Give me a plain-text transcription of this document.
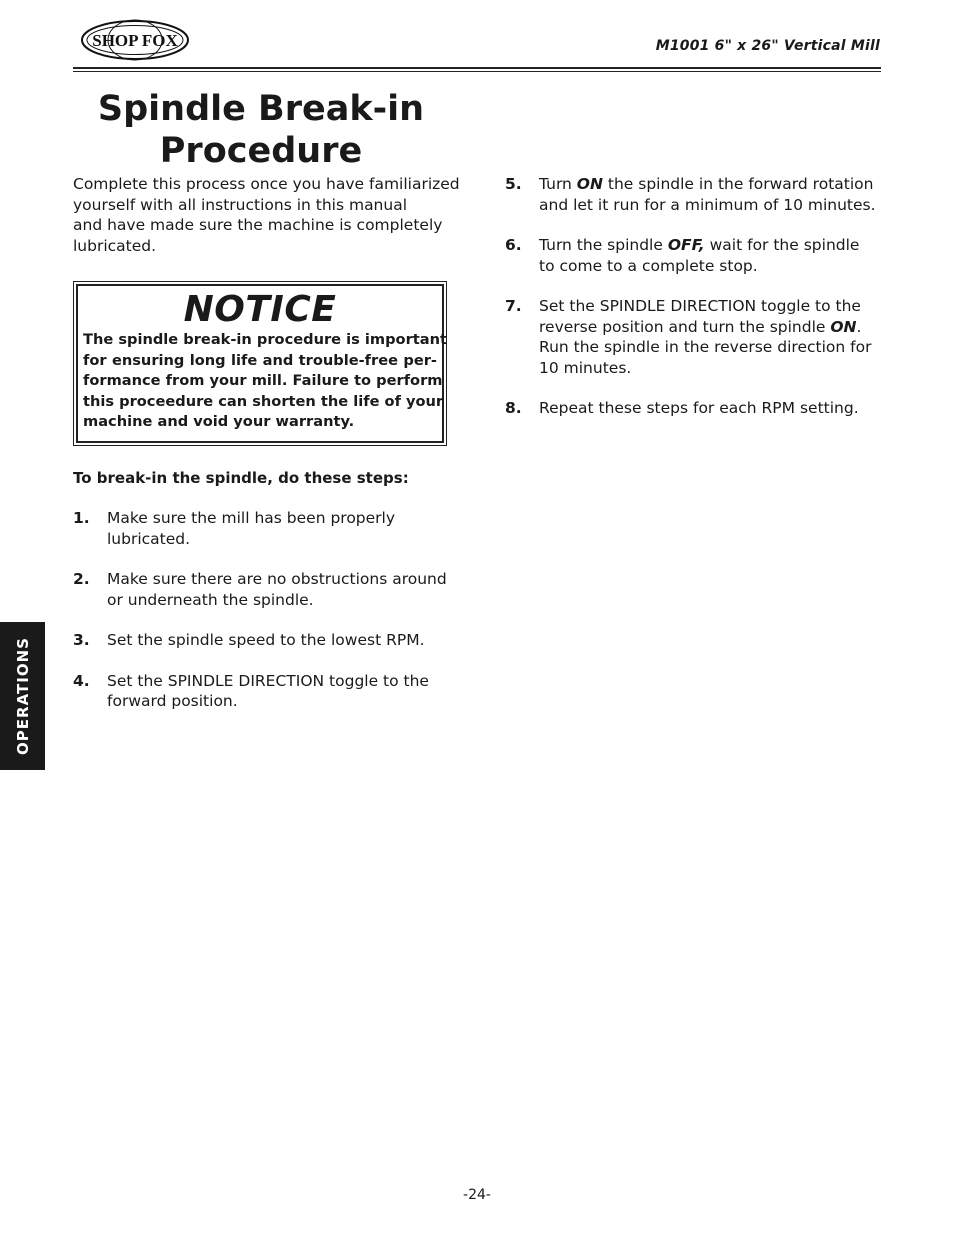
SHOP FOX	M1001 6" x 26" Vertical Mill
Spindle Break-in
Procedure

Complete this process once you have familiarized
yourself with all instructions in this manual
and have made sure the machine is completely
lubricated.

NOTICE
The spindle break-in procedure is important
for ensuring long life and trouble-free per-
formance from your mill. Failure to perform
this proceedure can shorten the life of your
machine and void your warranty.
To break-in the spindle, do these steps:
1.	Make sure the mill has been properly
lubricated.
2.	Make sure there are no obstructions around
or underneath the spindle.
3.	Set the spindle speed to the lowest RPM.
4.	Set the SPINDLE DIRECTION toggle to the
forward position.
5.	Turn ON the spindle in the forward rotation
and let it run for a minimum of 10 minutes.
6.	Turn the spindle OFF, wait for the spindle
to come to a complete stop.
7.	Set the SPINDLE DIRECTION toggle to the
reverse position and turn the spindle ON.
Run the spindle in the reverse direction for
10 minutes.
8.	Repeat these steps for each RPM setting.
OPERATIONS
-24-
